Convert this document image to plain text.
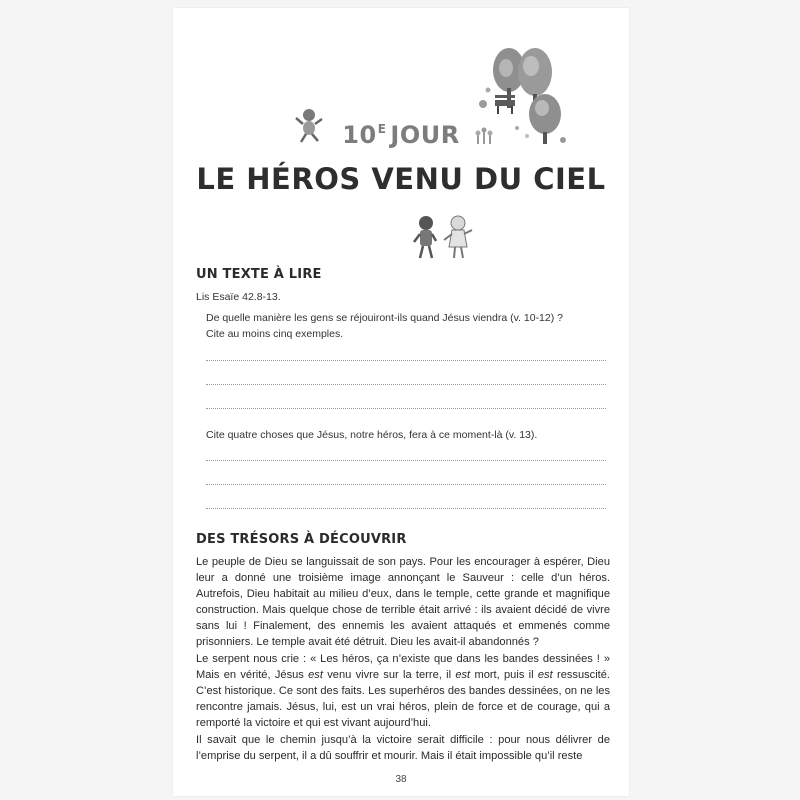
$10^E$ JOUR
LE HÉROS VENU DU CIEL
UN TEXTE À LIRE
Lis Esaïe 42.8-13.
De quelle manière les gens se réjouiront-ils quand Jésus viendra (v. 10-12) ?
Cite au moins cinq exemples.
Cite quatre choses que Jésus, notre héros, fera à ce moment-là (v. 13).
DES TRÉSORS À DÉCOUVRIR

Le peuple de Dieu se languissait de son pays. Pour les encourager à espérer, Dieu leur a donné une troisième image annonçant le Sauveur : celle d’un héros. Autrefois, Dieu habitait au milieu d’eux, dans le temple, cette grande et magnifique construction. Mais quelque chose de terrible était arrivé : ils avaient décidé de vivre sans lui ! Finalement, des ennemis les avaient attaqués et emmenés comme prisonniers. Le temple avait été détruit. Dieu les avait-il abandonnés ?

Le serpent nous crie : « Les héros, ça n’existe que dans les bandes dessinées ! » Mais en vérité, Jésus est venu vivre sur la terre, il est mort, puis il est ressuscité. C’est historique. Ce sont des faits. Les superhéros des bandes dessinées, on ne les rencontre jamais. Jésus, lui, est un vrai héros, plein de force et de courage, qui a remporté la victoire et qui est vivant aujourd’hui.

Il savait que le chemin jusqu’à la victoire serait difficile : pour nous délivrer de l’emprise du serpent, il a dû souffrir et mourir. Mais il était impossible qu’il reste

38
